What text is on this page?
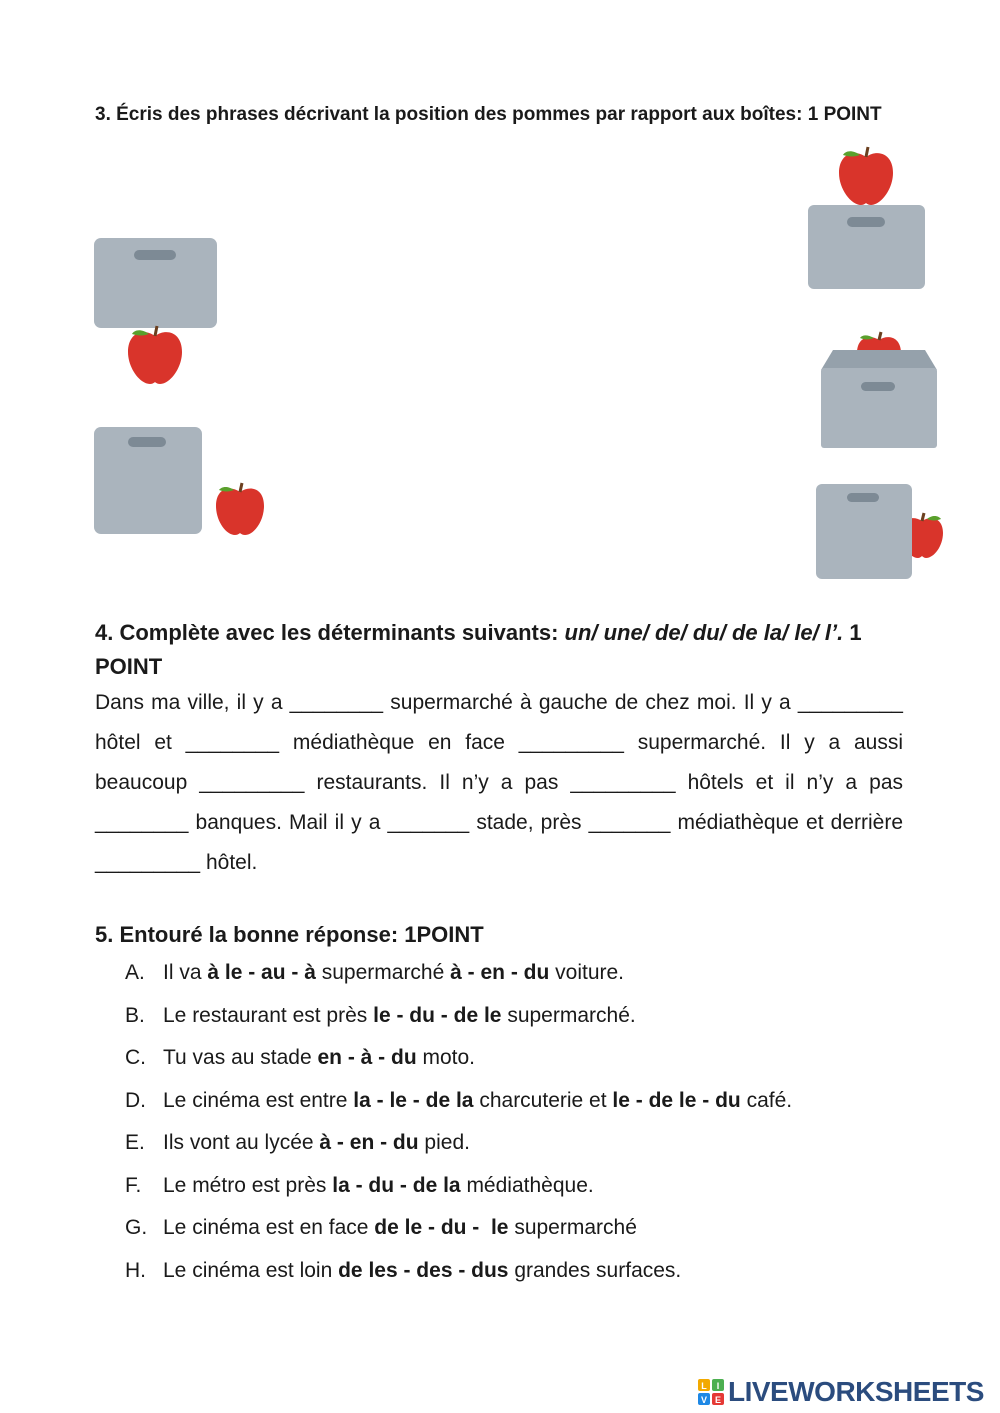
3. Écris des phrases décrivant la position des pommes par rapport aux boîtes: 1 POINT
4. Complète avec les déterminants suivants: un/ une/ de/ du/ de la/ le/ l’. 1 POINT
Dans ma ville, il y a ________ supermarché à gauche de chez moi. Il y a _________ hôtel et ________ médiathèque en face _________ supermarché. Il y a aussi beaucoup _________ restaurants. Il n’y a pas _________ hôtels et il n’y a pas ________ banques. Mail il y a _______ stade, près _______ médiathèque et derrière _________ hôtel.
5. Entouré la bonne réponse: 1POINT
A. Il va à le - au - à supermarché à - en - du voiture.
B. Le restaurant est près le - du - de le supermarché.
C. Tu vas au stade en - à - du moto.
D. Le cinéma est entre la - le - de la charcuterie et le - de le - du café.
E. Ils vont au lycée à - en - du pied.
F.	Le métro est près la - du - de la médiathèque.
G. Le cinéma est en face de le - du -  le supermarché
H. Le cinéma est loin de les - des - dus grandes surfaces.
L I
V E LIVEWORKSHEETS
